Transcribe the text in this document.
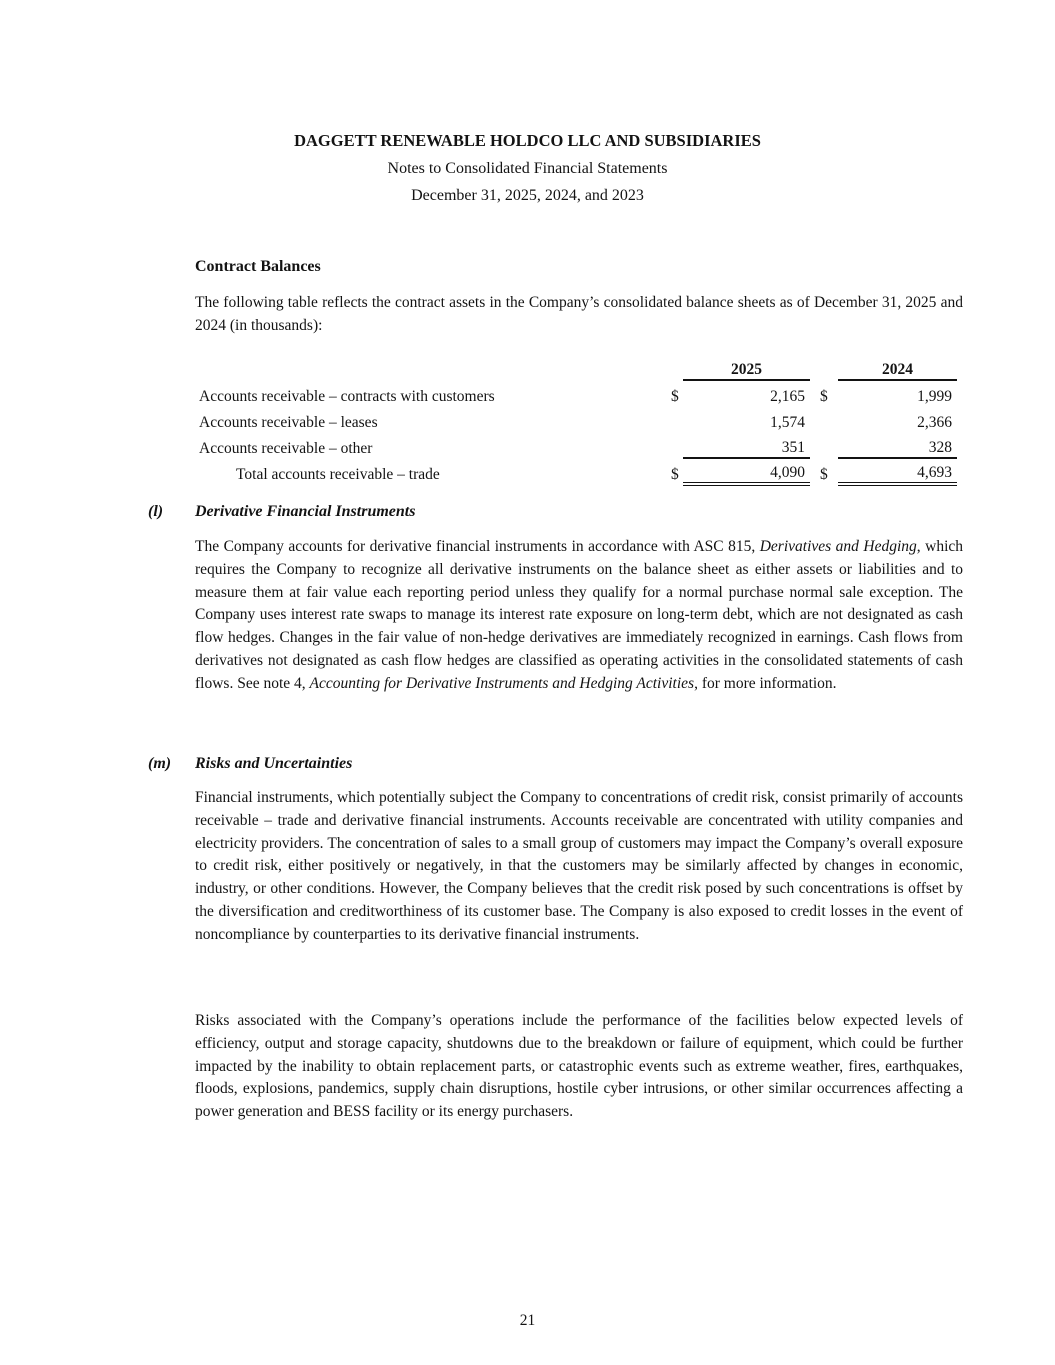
DAGGETT RENEWABLE HOLDCO LLC AND SUBSIDIARIES
Notes to Consolidated Financial Statements
December 31, 2025, 2024, and 2023
Contract Balances

The following table reflects the contract assets in the Company’s consolidated balance sheets as of December 31, 2025 and 2024 (in thousands):

		2025			2024
Accounts receivable – contracts with customers	$	2,165		$	1,999
Accounts receivable – leases		1,574			2,366
Accounts receivable – other		351			328
Total accounts receivable – trade	$	4,090		$	4,693
(l)	Derivative Financial Instruments

The Company accounts for derivative financial instruments in accordance with ASC 815, Derivatives and Hedging, which requires the Company to recognize all derivative instruments on the balance sheet as either assets or liabilities and to measure them at fair value each reporting period unless they qualify for a normal purchase normal sale exception. The Company uses interest rate swaps to manage its interest rate exposure on long-term debt, which are not designated as cash flow hedges. Changes in the fair value of non-hedge derivatives are immediately recognized in earnings. Cash flows from derivatives not designated as cash flow hedges are classified as operating activities in the consolidated statements of cash flows. See note 4, Accounting for Derivative Instruments and Hedging Activities, for more information.

(m)	Risks and Uncertainties

Financial instruments, which potentially subject the Company to concentrations of credit risk, consist primarily of accounts receivable – trade and derivative financial instruments. Accounts receivable are concentrated with utility companies and electricity providers. The concentration of sales to a small group of customers may impact the Company’s overall exposure to credit risk, either positively or negatively, in that the customers may be similarly affected by changes in economic, industry, or other conditions. However, the Company believes that the credit risk posed by such concentrations is offset by the diversification and creditworthiness of its customer base. The Company is also exposed to credit losses in the event of noncompliance by counterparties to its derivative financial instruments.

Risks associated with the Company’s operations include the performance of the facilities below expected levels of efficiency, output and storage capacity, shutdowns due to the breakdown or failure of equipment, which could be further impacted by the inability to obtain replacement parts, or catastrophic events such as extreme weather, fires, earthquakes, floods, explosions, pandemics, supply chain disruptions, hostile cyber intrusions, or other similar occurrences affecting a power generation and BESS facility or its energy purchasers.

21
